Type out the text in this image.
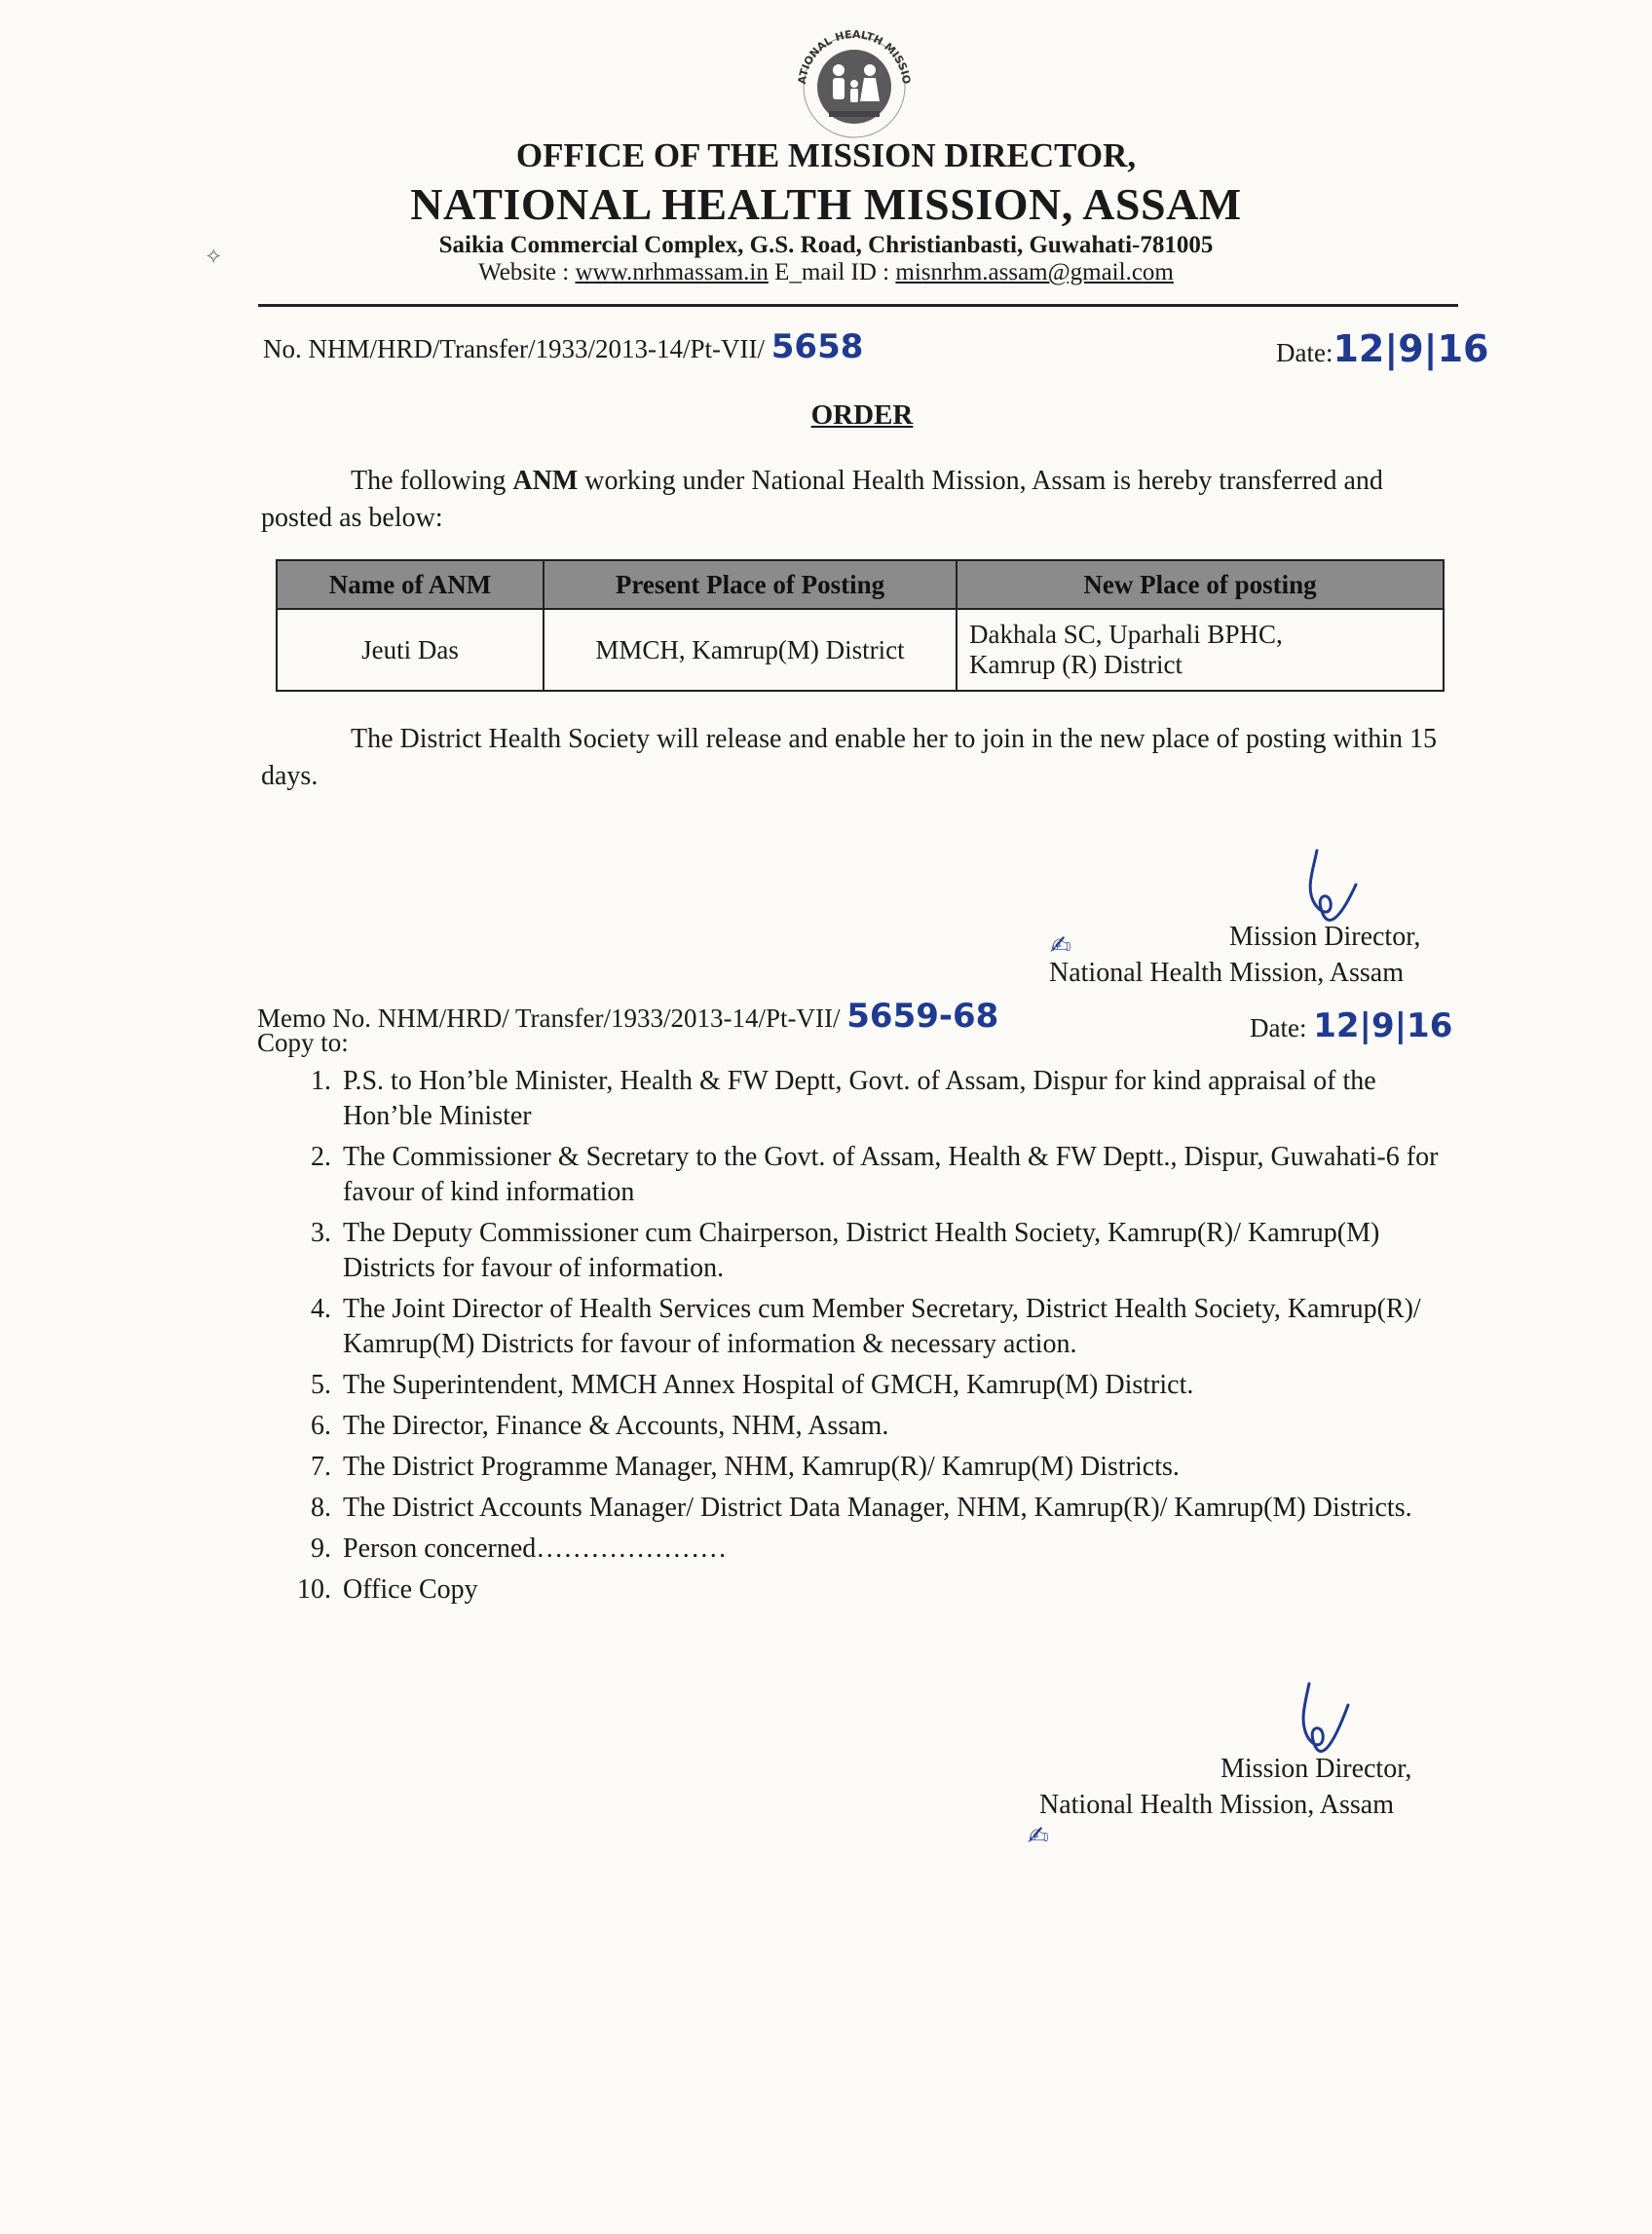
ATIONAL HEALTH MISSIO
⟡
OFFICE OF THE MISSION DIRECTOR,
NATIONAL HEALTH MISSION, ASSAM
Saikia Commercial Complex, G.S. Road, Christianbasti, Guwahati-781005
Website : www.nrhmassam.in E_mail ID : misnrhm.assam@gmail.com
No. NHM/HRD/Transfer/1933/2013-14/Pt-VII/ 5658	Date:12|9|16
ORDER
The following ANM working under National Health Mission, Assam is hereby transferred and posted as below:
Name of ANM	Present Place of Posting	New Place of posting
Jeuti Das	MMCH, Kamrup(M) District	Dakhala SC, Uparhali BPHC,
Kamrup (R) District
The District Health Society will release and enable her to join in the new place of posting within 15 days.
Mission Director,
National Health Mission, Assam
✍
Memo No. NHM/HRD/ Transfer/1933/2013-14/Pt-VII/ 5659-68	Date: 12|9|16
Copy to:
1. P.S. to Hon’ble Minister, Health & FW Deptt, Govt. of Assam, Dispur for kind appraisal of the Hon’ble Minister
2. The Commissioner & Secretary to the Govt. of Assam, Health & FW Deptt., Dispur, Guwahati-6 for favour of kind information
3. The Deputy Commissioner cum Chairperson, District Health Society, Kamrup(R)/ Kamrup(M) Districts for favour of information.
4. The Joint Director of Health Services cum Member Secretary, District Health Society, Kamrup(R)/ Kamrup(M) Districts for favour of information & necessary action.
5. The Superintendent, MMCH Annex Hospital of GMCH, Kamrup(M) District.
6. The Director, Finance & Accounts, NHM, Assam.
7. The District Programme Manager, NHM, Kamrup(R)/ Kamrup(M) Districts.
8. The District Accounts Manager/ District Data Manager, NHM, Kamrup(R)/ Kamrup(M) Districts.
9. Person concerned…………………
10. Office Copy
Mission Director,
National Health Mission, Assam
✍
